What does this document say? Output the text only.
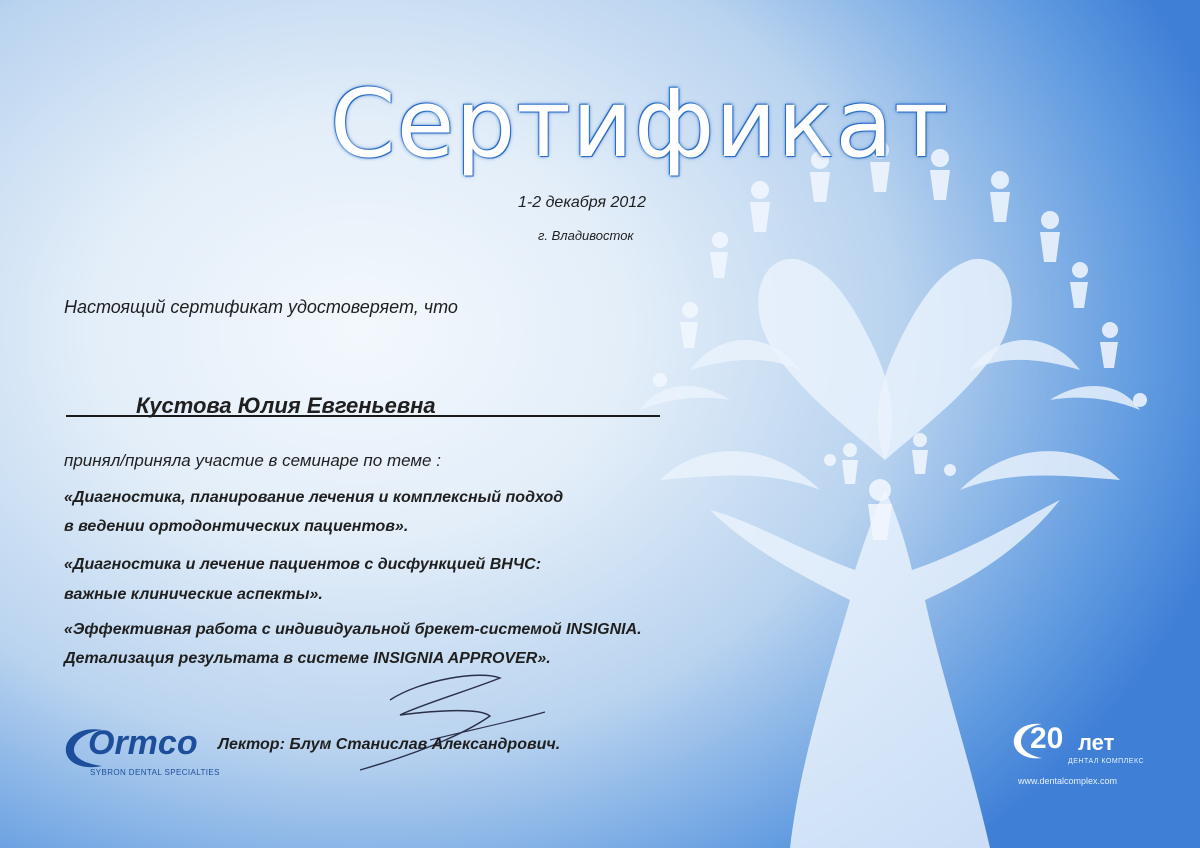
Сертификат
1-2 декабря 2012
г. Владивосток
Настоящий сертификат удостоверяет, что
Кустова Юлия Евгеньевна
принял/приняла участие в семинаре по теме :
«Диагностика, планирование лечения и комплексный подход
в ведении ортодонтических пациентов».
«Диагностика и лечение пациентов с дисфункцией ВНЧС:
важные клинические аспекты».
«Эффективная работа с индивидуальной брекет-системой INSIGNIA.
Детализация результата в системе INSIGNIA APPROVER».
Лектор: Блум Станислав Александрович.
Ormco
SYBRON DENTAL SPECIALTIES
20 лет
ДЕНТАЛ КОМПЛЕКС
www.dentalcomplex.com
